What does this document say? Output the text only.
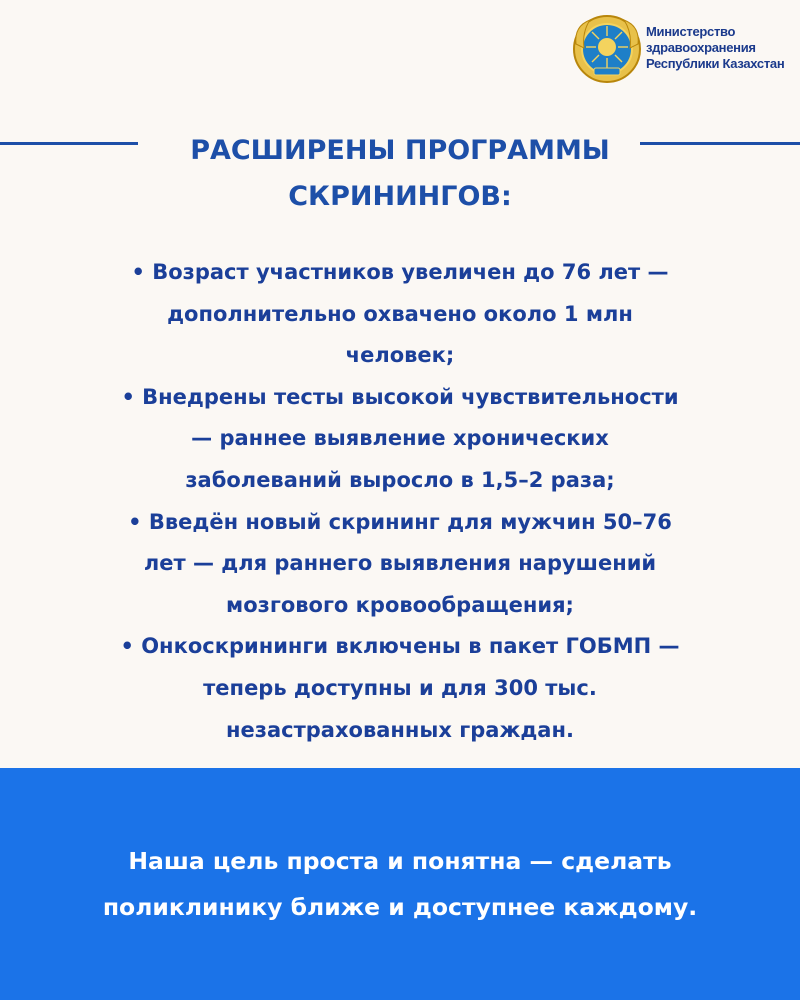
Министерство
здравоохранения
Республики Казахстан
РАСШИРЕНЫ ПРОГРАММЫ
СКРИНИНГОВ:
• Возраст участников увеличен до 76 лет —
дополнительно охвачено около 1 млн
человек;
• Внедрены тесты высокой чувствительности
— раннее выявление хронических
заболеваний выросло в 1,5–2 раза;
• Введён новый скрининг для мужчин 50–76
лет — для раннего выявления нарушений
мозгового кровообращения;
• Онкоскрининги включены в пакет ГОБМП —
теперь доступны и для 300 тыс.
незастрахованных граждан.
Наша цель проста и понятна — сделать
поликлинику ближе и доступнее каждому.
